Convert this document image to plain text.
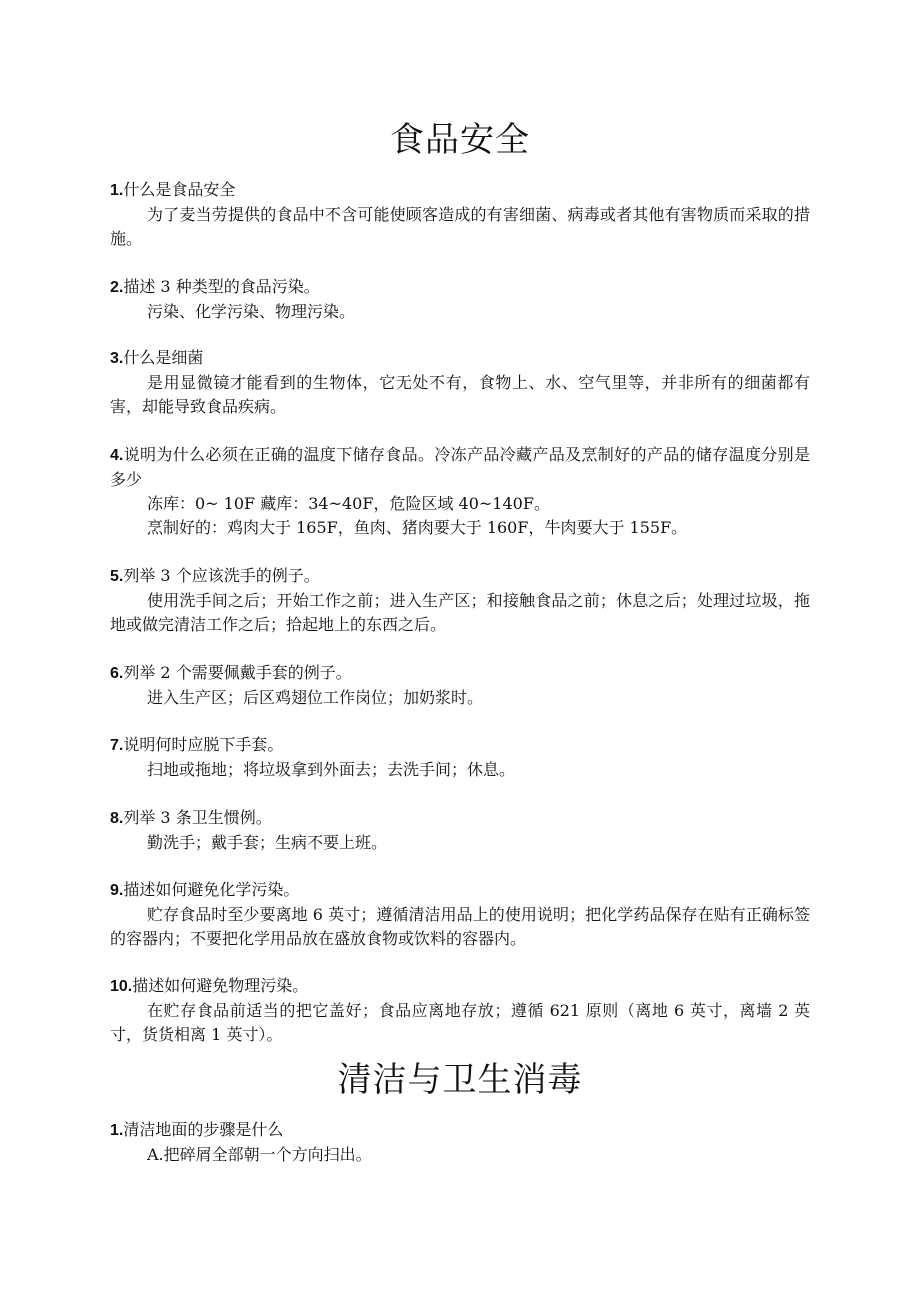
食品安全
1.什么是食品安全
为了麦当劳提供的食品中不含可能使顾客造成的有害细菌、病毒或者其他有害物质而采取的措施。
2.描述 3 种类型的食品污染。
污染、化学污染、物理污染。
3.什么是细菌
是用显微镜才能看到的生物体，它无处不有，食物上、水、空气里等，并非所有的细菌都有害，却能导致食品疾病。
4.说明为什么必须在正确的温度下储存食品。冷冻产品冷藏产品及烹制好的产品的储存温度分别是多少
冻库：0~ 10F 藏库：34~40F，危险区域 40~140F。
烹制好的：鸡肉大于 165F，鱼肉、猪肉要大于 160F，牛肉要大于 155F。
5.列举 3 个应该洗手的例子。
使用洗手间之后；开始工作之前；进入生产区；和接触食品之前；休息之后；处理过垃圾，拖地或做完清洁工作之后；拾起地上的东西之后。
6.列举 2 个需要佩戴手套的例子。
进入生产区；后区鸡翅位工作岗位；加奶浆时。
7.说明何时应脱下手套。
扫地或拖地；将垃圾拿到外面去；去洗手间；休息。
8.列举 3 条卫生惯例。
勤洗手；戴手套；生病不要上班。
9.描述如何避免化学污染。
贮存食品时至少要离地 6 英寸；遵循清洁用品上的使用说明；把化学药品保存在贴有正确标签的容器内；不要把化学用品放在盛放食物或饮料的容器内。
10.描述如何避免物理污染。
在贮存食品前适当的把它盖好；食品应离地存放；遵循 621 原则（离地 6 英寸，离墙 2 英寸，货货相离 1 英寸）。
清洁与卫生消毒
1.清洁地面的步骤是什么
A.把碎屑全部朝一个方向扫出。
